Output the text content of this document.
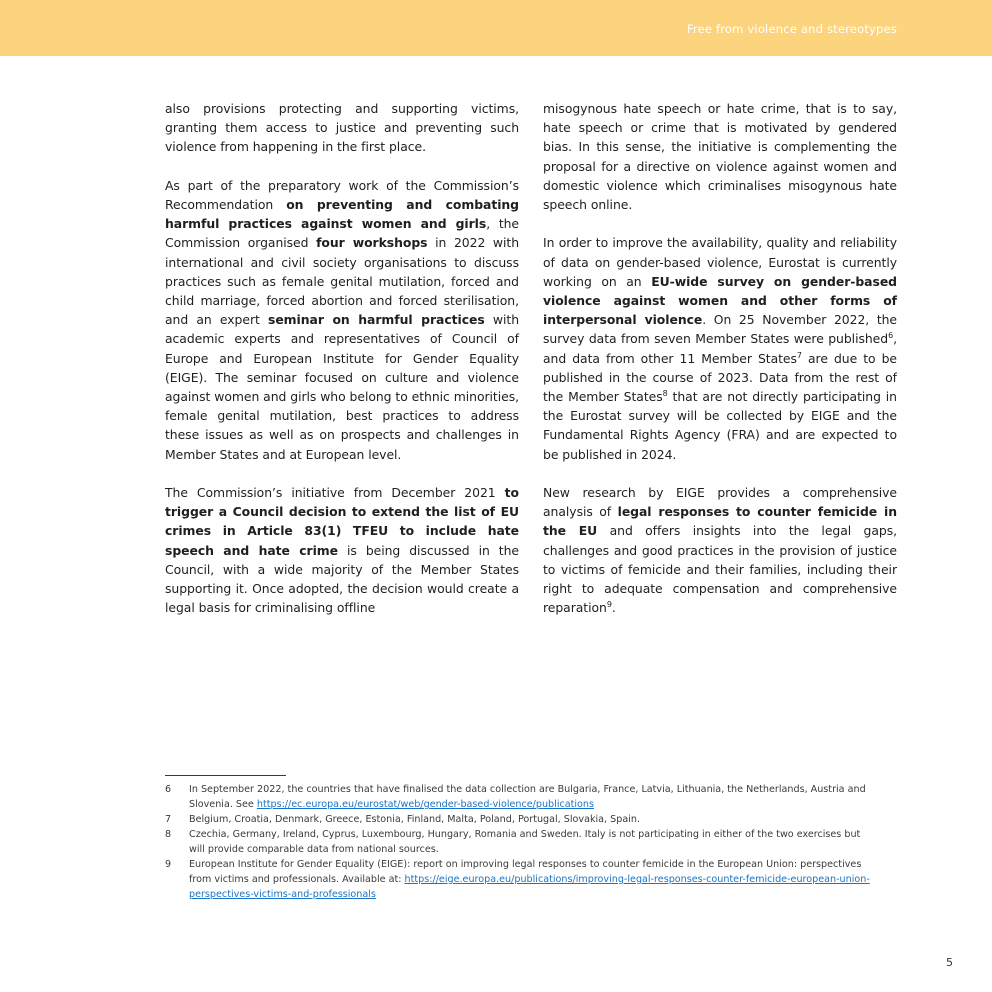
Free from violence and stereotypes

also provisions protecting and supporting victims, granting them access to justice and preventing such violence from happening in the first place.

As part of the preparatory work of the Commission’s Recommendation on preventing and combating harmful practices against women and girls, the Commission organised four workshops in 2022 with international and civil society organisations to discuss practices such as female genital mutilation, forced and child marriage, forced abortion and forced sterilisation, and an expert seminar on harmful practices with academic experts and representatives of Council of Europe and European Institute for Gender Equality (EIGE). The seminar focused on culture and violence against women and girls who belong to ethnic minorities, female genital mutilation, best practices to address these issues as well as on prospects and challenges in Member States and at European level.

The Commission’s initiative from December 2021 to trigger a Council decision to extend the list of EU crimes in Article 83(1) TFEU to include hate speech and hate crime is being discussed in the Council, with a wide majority of the Member States supporting it. Once adopted, the decision would create a legal basis for criminalising offline

misogynous hate speech or hate crime, that is to say, hate speech or crime that is motivated by gendered bias. In this sense, the initiative is complementing the proposal for a directive on violence against women and domestic violence which criminalises misogynous hate speech online.

In order to improve the availability, quality and reliability of data on gender-based violence, Eurostat is currently working on an EU-wide survey on gender-based violence against women and other forms of interpersonal violence. On 25 November 2022, the survey data from seven Member States were published$^6$, and data from other 11 Member States$^7$ are due to be published in the course of 2023. Data from the rest of the Member States$^8$ that are not directly participating in the Eurostat survey will be collected by EIGE and the Fundamental Rights Agency (FRA) and are expected to be published in 2024.

New research by EIGE provides a comprehensive analysis of legal responses to counter femicide in the EU and offers insights into the legal gaps, challenges and good practices in the provision of justice to victims of femicide and their families, including their right to adequate compensation and comprehensive reparation$^9$.

6	In September 2022, the countries that have finalised the data collection are Bulgaria, France, Latvia, Lithuania, the Netherlands, Austria and Slovenia. See https://ec.europa.eu/eurostat/web/gender-based-violence/publications
7	Belgium, Croatia, Denmark, Greece, Estonia, Finland, Malta, Poland, Portugal, Slovakia, Spain.
8	Czechia, Germany, Ireland, Cyprus, Luxembourg, Hungary, Romania and Sweden. Italy is not participating in either of the two exercises but will provide comparable data from national sources.
9	European Institute for Gender Equality (EIGE): report on improving legal responses to counter femicide in the European Union: perspectives from victims and professionals. Available at: https://eige.europa.eu/publications/improving-legal-responses-counter-femicide-european-union-perspectives-victims-and-professionals
5
